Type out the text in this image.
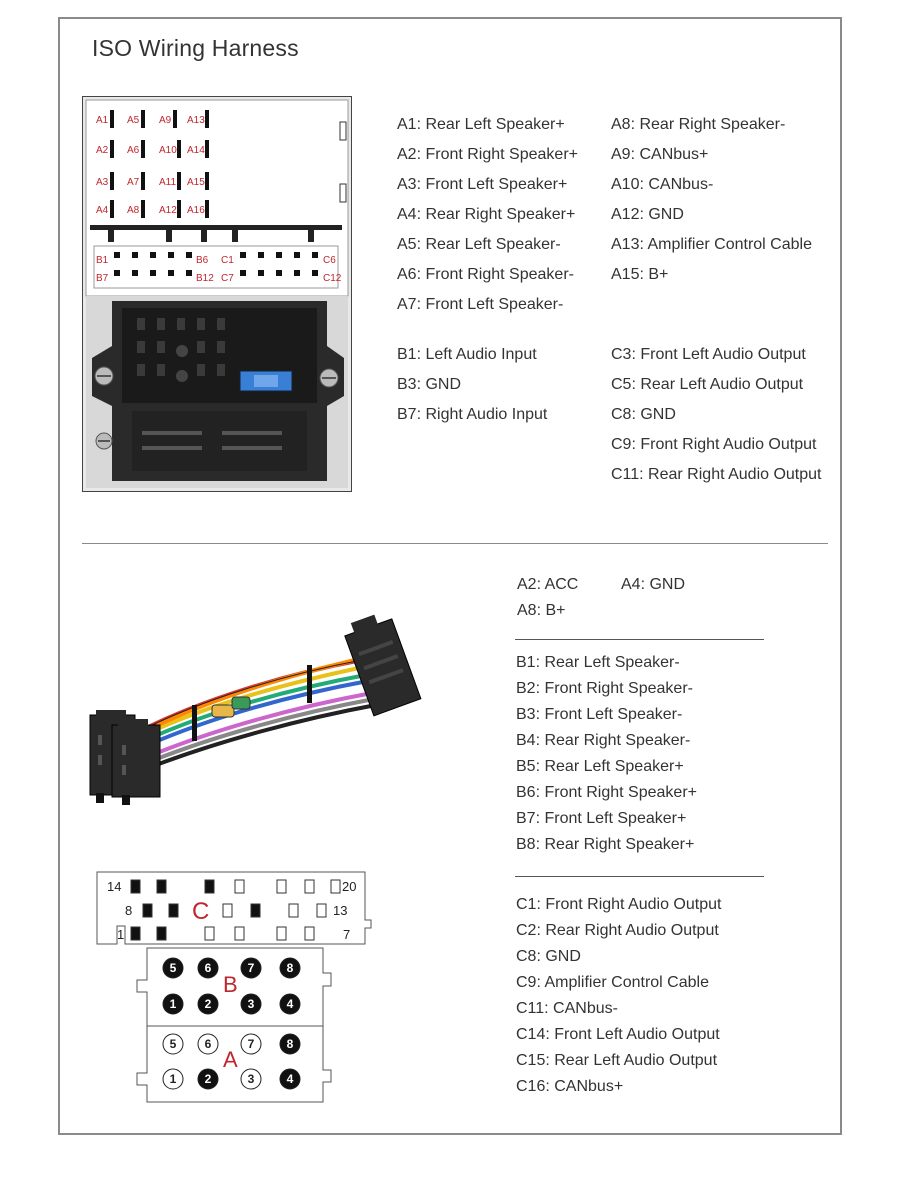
ISO Wiring Harness
A1
A2
A3
A4
A5
A6
A7
A8
A9
A10
A11
A12
A13
A14
A15
A16
B1	B6
B7	B12
C1	C6
C7	C12
A1: Rear Left Speaker+
A2: Front Right Speaker+
A3: Front Left Speaker+
A4: Rear Right Speaker+
A5: Rear Left Speaker-
A6: Front Right Speaker-
A7: Front Left Speaker-
A8: Rear Right Speaker-
A9: CANbus+
A10: CANbus-
A12: GND
A13: Amplifier Control Cable
A15: B+
B1: Left Audio Input
B3: GND
B7: Right Audio Input
C3: Front Left Audio Output
C5: Rear Left Audio Output
C8: GND
C9: Front Right Audio Output
C11: Rear Right Audio Output
14	20
8	13
1	7
C
B
A
5 6	7	8
1 2	3	4
5 6	7	8
1 2	3	4
A2: ACC	A4: GND
A8: B+
B1: Rear Left Speaker-
B2: Front Right Speaker-
B3: Front Left Speaker-
B4: Rear Right Speaker-
B5: Rear Left Speaker+
B6: Front Right Speaker+
B7: Front Left Speaker+
B8: Rear Right Speaker+
C1: Front Right Audio Output
C2: Rear Right Audio Output
C8: GND
C9: Amplifier Control Cable
C11: CANbus-
C14: Front Left Audio Output
C15: Rear Left Audio Output
C16: CANbus+
